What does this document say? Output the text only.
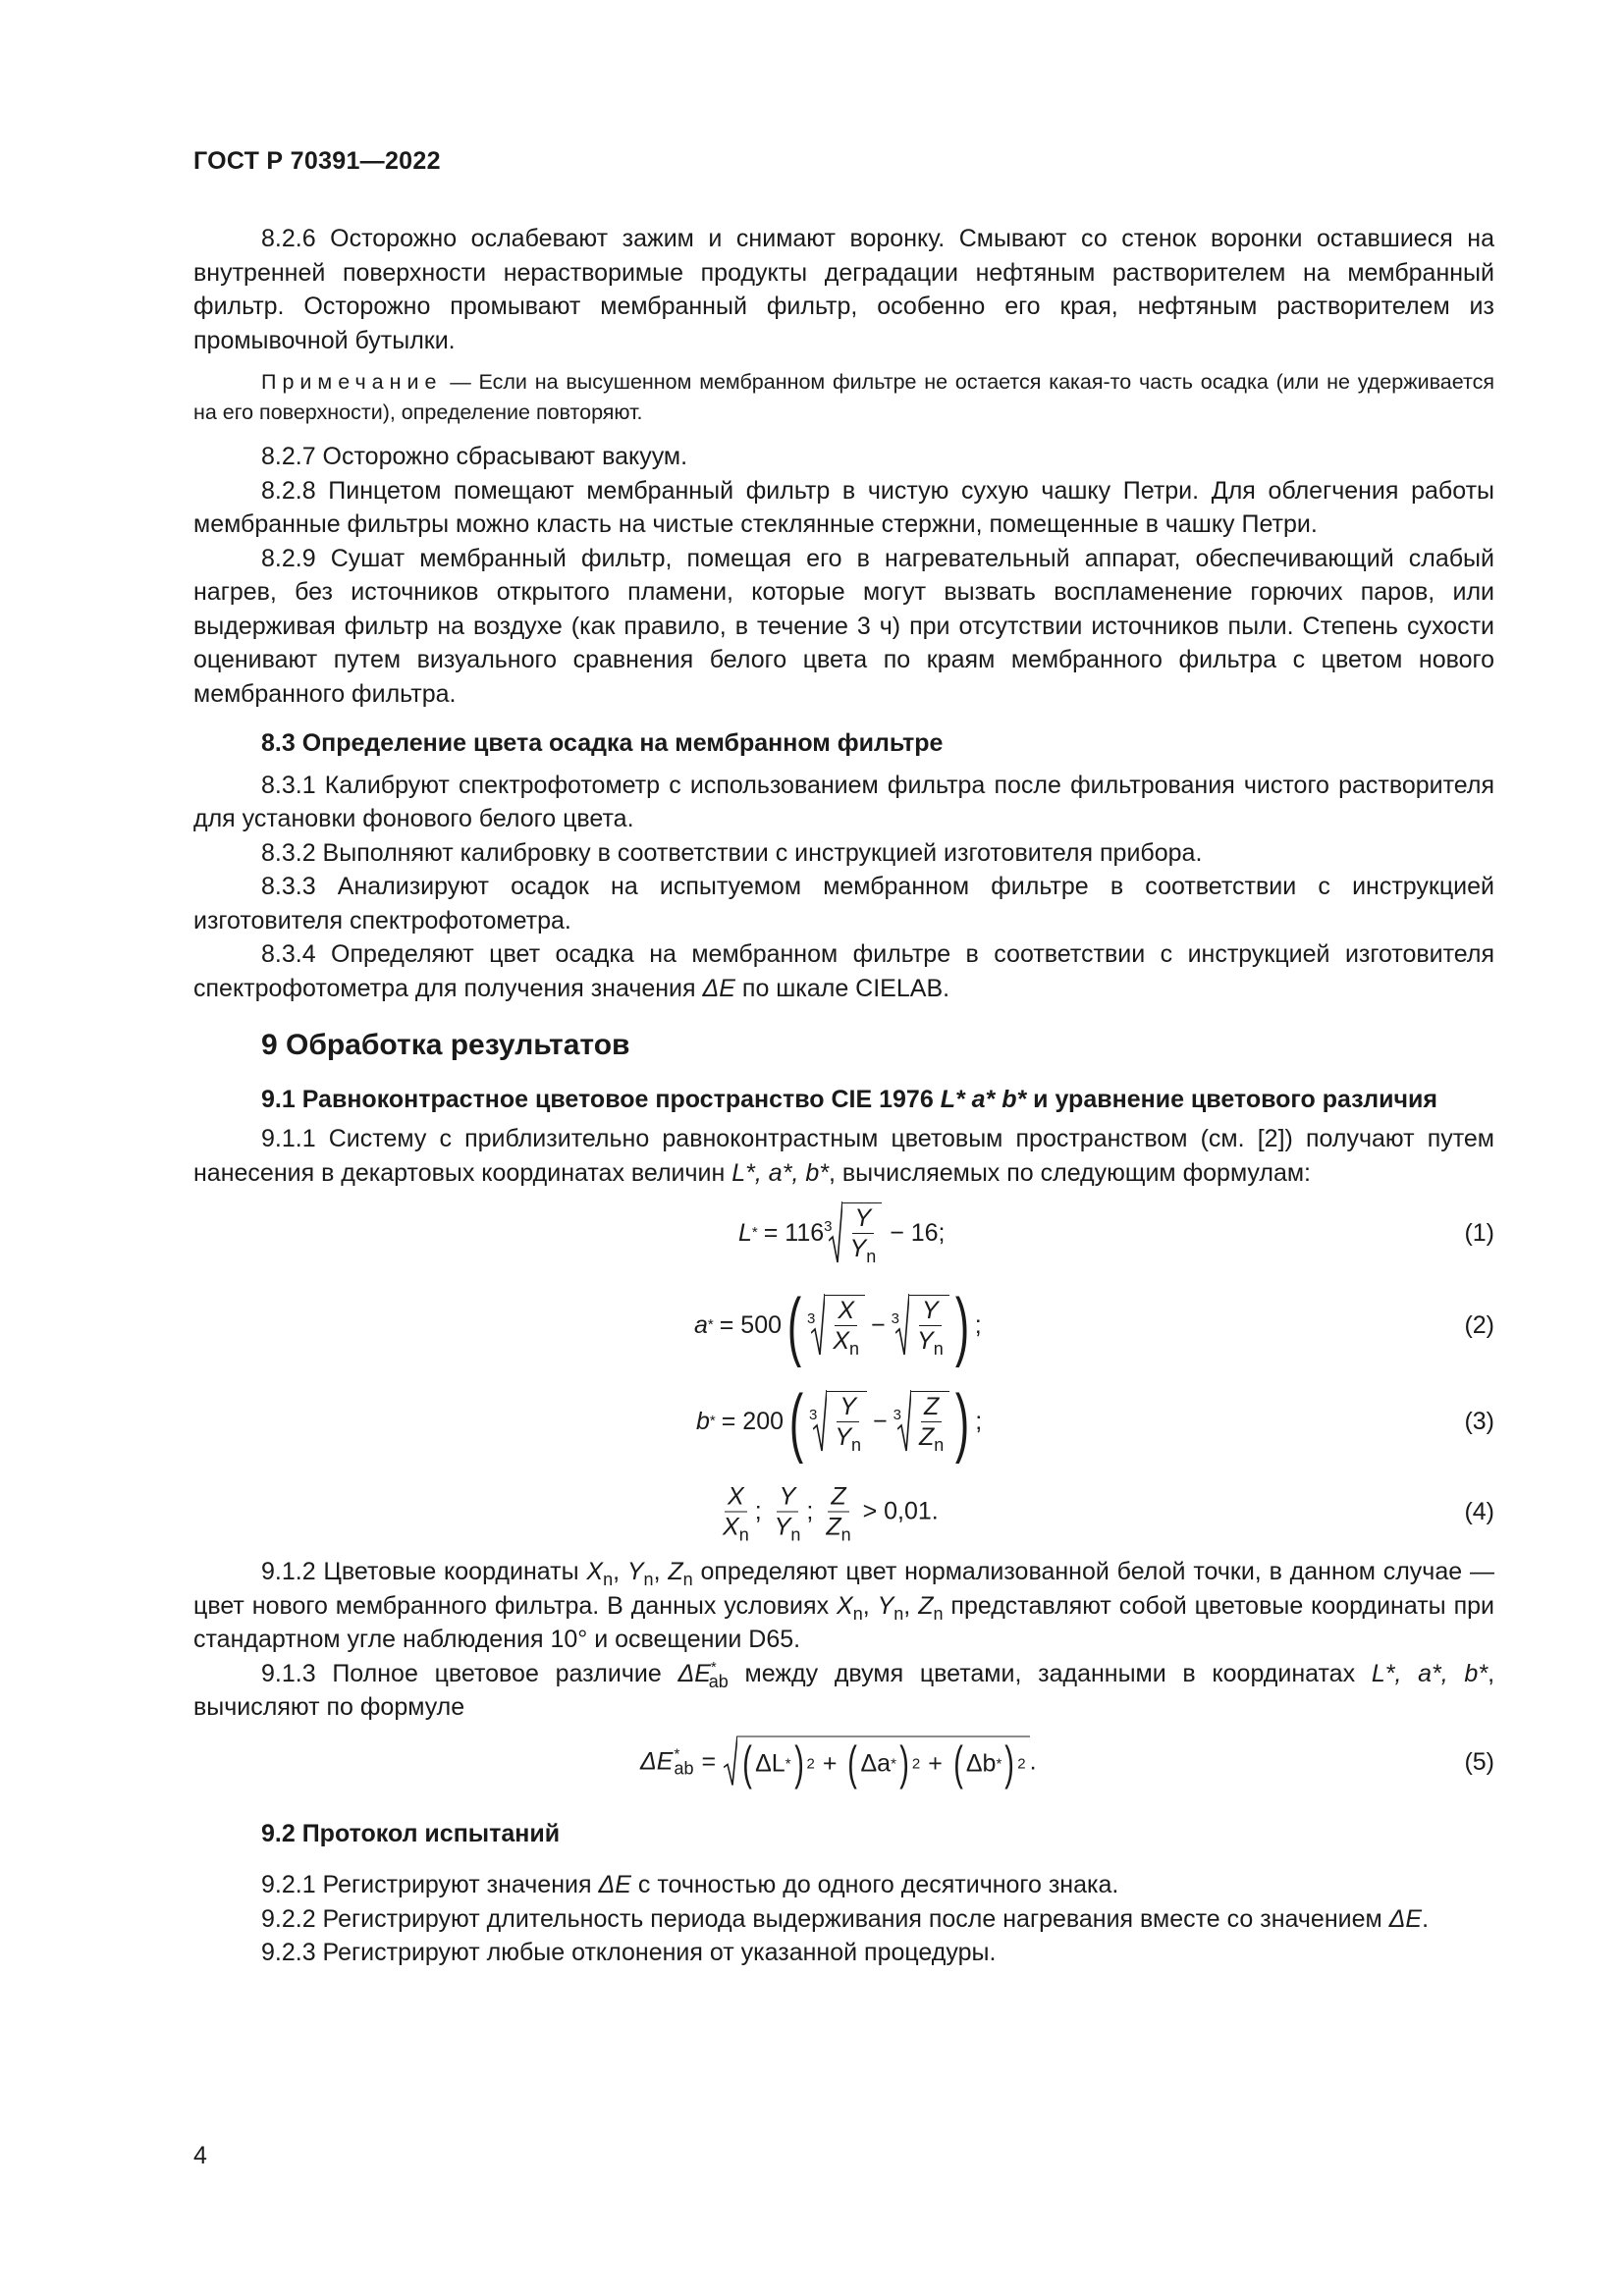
ГОСТ Р 70391—2022

8.2.6 Осторожно ослабевают зажим и снимают воронку. Смывают со стенок воронки оставшиеся на внутренней поверхности нерастворимые продукты деградации нефтяным растворителем на мембранный фильтр. Осторожно промывают мембранный фильтр, особенно его края, нефтяным растворителем из промывочной бутылки.

Примечание — Если на высушенном мембранном фильтре не остается какая-то часть осадка (или не удерживается на его поверхности), определение повторяют.

8.2.7 Осторожно сбрасывают вакуум.

8.2.8 Пинцетом помещают мембранный фильтр в чистую сухую чашку Петри. Для облегчения работы мембранные фильтры можно класть на чистые стеклянные стержни, помещенные в чашку Петри.

8.2.9 Сушат мембранный фильтр, помещая его в нагревательный аппарат, обеспечивающий слабый нагрев, без источников открытого пламени, которые могут вызвать воспламенение горючих паров, или выдерживая фильтр на воздухе (как правило, в течение 3 ч) при отсутствии источников пыли. Степень сухости оценивают путем визуального сравнения белого цвета по краям мембранного фильтра с цветом нового мембранного фильтра.

8.3 Определение цвета осадка на мембранном фильтре

8.3.1 Калибруют спектрофотометр с использованием фильтра после фильтрования чистого растворителя для установки фонового белого цвета.

8.3.2 Выполняют калибровку в соответствии с инструкцией изготовителя прибора.

8.3.3 Анализируют осадок на испытуемом мембранном фильтре в соответствии с инструкцией изготовителя спектрофотометра.

8.3.4 Определяют цвет осадка на мембранном фильтре в соответствии с инструкцией изготовителя спектрофотометра для получения значения ΔE по шкале CIELAB.

9 Обработка результатов
9.1 Равноконтрастное цветовое пространство CIE 1976 L* a* b* и уравнение цветового различия

9.1.1 Систему с приблизительно равноконтрастным цветовым пространством (см. [2]) получают путем нанесения в декартовых координатах величин L*, a*, b*, вычисляемых по следующим формулам:

L * = 116 $3 \frac{Y}{Y_n} - 16$;	(1)
a * = 500 ( $3 \frac{X}{X_n} - 3 \frac{Y}{Y_n}$ ) ;	(2)
b * = 200 ( $3 \frac{Y}{Y_n} - 3 \frac{Z}{Z_n}$ ) ;	(3)
$\frac{X}{X_n}$ ; $\frac{Y}{Y_n}$ ; $\frac{Z}{Z_n} > 0,01$.	(4)

9.1.2 Цветовые координаты $X_n$, $Y_n$, $Z_n$ определяют цвет нормализованной белой точки, в данном случае — цвет нового мембранного фильтра. В данных условиях $X_n$, $Y_n$, $Z_n$ представляют собой цветовые координаты при стандартном угле наблюдения 10° и освещении D65.

9.1.3 Полное цветовое различие $\Delta E^*_{ab}$ между двумя цветами, заданными в координатах L*, a*, b*, вычисляют по формуле

ΔE *
ab = ( ΔL * ) 2 + ( Δa * ) 2 + ( Δb * ) 2 .	(5)
9.2 Протокол испытаний

9.2.1 Регистрируют значения ΔE с точностью до одного десятичного знака.

9.2.2 Регистрируют длительность периода выдерживания после нагревания вместе со значением ΔE.

9.2.3 Регистрируют любые отклонения от указанной процедуры.

4
